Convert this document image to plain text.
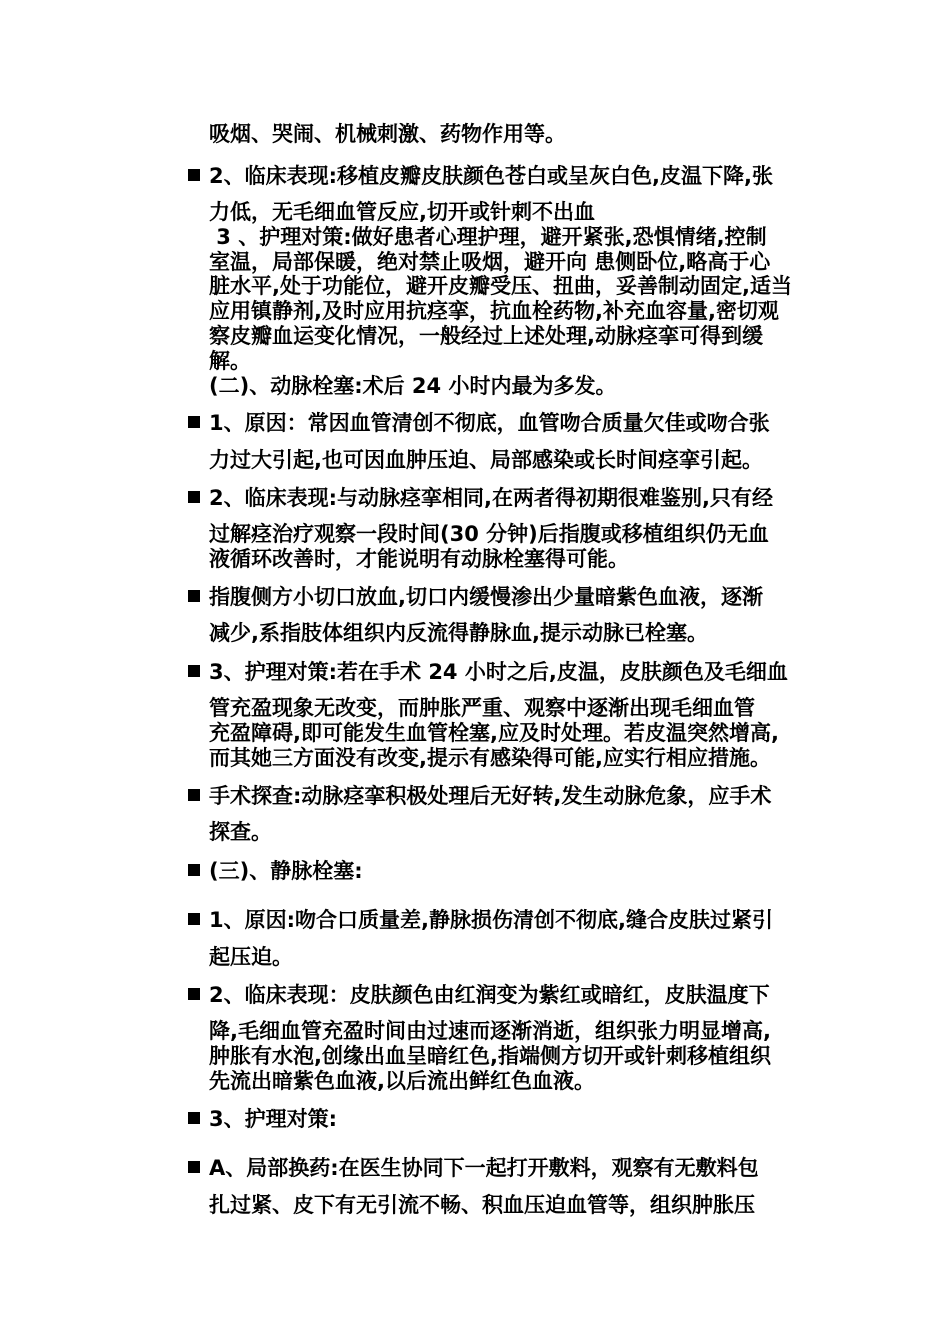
吸烟、哭闹、机械刺激、药物作用等。
2、临床表现:移植皮瓣皮肤颜色苍白或呈灰白色,皮温下降,张
力低，无毛细血管反应,切开或针刺不出血
3 、护理对策:做好患者心理护理，避开紧张,恐惧情绪,控制
室温，局部保暖，绝对禁止吸烟，避开向 患侧卧位,略高于心
脏水平,处于功能位，避开皮瓣受压、扭曲，妥善制动固定,适当
应用镇静剂,及时应用抗痉挛，抗血栓药物,补充血容量,密切观
察皮瓣血运变化情况，一般经过上述处理,动脉痉挛可得到缓
解。
(二)、动脉栓塞:术后 24 小时内最为多发。
1、原因：常因血管清创不彻底，血管吻合质量欠佳或吻合张
力过大引起,也可因血肿压迫、局部感染或长时间痉挛引起。
2、临床表现:与动脉痉挛相同,在两者得初期很难鉴别,只有经
过解痉治疗观察一段时间(30 分钟)后指腹或移植组织仍无血
液循环改善时，才能说明有动脉栓塞得可能。
指腹侧方小切口放血,切口内缓慢渗出少量暗紫色血液，逐渐
减少,系指肢体组织内反流得静脉血,提示动脉已栓塞。
3、护理对策:若在手术 24 小时之后,皮温，皮肤颜色及毛细血
管充盈现象无改变，而肿胀严重、观察中逐渐出现毛细血管
充盈障碍,即可能发生血管栓塞,应及时处理。若皮温突然增高,
而其她三方面没有改变,提示有感染得可能,应实行相应措施。
手术探查:动脉痉挛积极处理后无好转,发生动脉危象，应手术
探查。
(三)、静脉栓塞:
1、原因:吻合口质量差,静脉损伤清创不彻底,缝合皮肤过紧引
起压迫。
2、临床表现：皮肤颜色由红润变为紫红或暗红，皮肤温度下
降,毛细血管充盈时间由过速而逐渐消逝，组织张力明显增高,
肿胀有水泡,创缘出血呈暗红色,指端侧方切开或针刺移植组织
先流出暗紫色血液,以后流出鲜红色血液。
3、护理对策:
A、局部换药:在医生协同下一起打开敷料，观察有无敷料包
扎过紧、皮下有无引流不畅、积血压迫血管等，组织肿胀压
